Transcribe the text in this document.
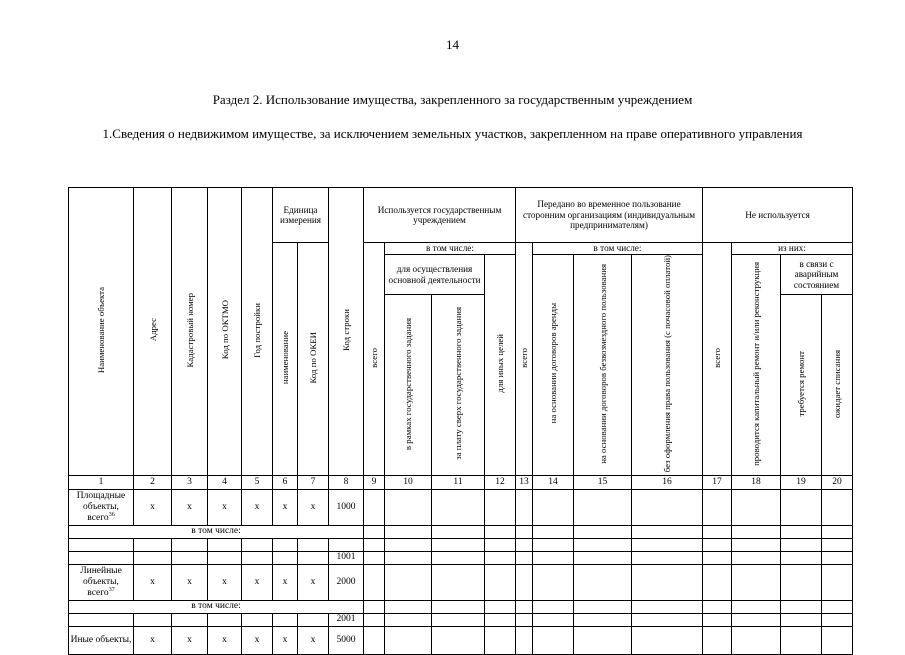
14
Раздел 2. Использование имущества, закрепленного за государственным учреждением
1.Сведения о недвижимом имуществе, за исключением земельных участков, закрепленном на праве оперативного управления
Наименование объекта	Адрес	Кадастровый номер	Код по ОКТМО	Год постройки	Единица измерения		Код строки	Используется государственным учреждением				Передано во временное пользование сторонним организациям (индивидуальным предпринимателям)				Не используется			
					наименование	Код по ОКЕИ		всего	в том числе:			всего	в том числе:			всего	из них:		
									для осуществления основной деятельности		для иных целей		на основании договоров аренды	на основании договоров безвозмездного пользования	без оформления права пользования (с почасовой оплатой)		проводится капитальный ремонт и/или реконструкция	в связи с аварийным состоянием	
									в рамках государственного задания	за плату сверх государственного задания								требуется ремонт	ожидает списания

1	2	3	4	5	6	7	8	9	10	11	12	13	14	15	16	17	18	19	20
Площадные объекты, всего$^{36}$	x	x	x	x	x	x	1000												
в том числе:																			

							1001												
Линейные объекты, всего$^{37}$	x	x	x	x	x	x	2000												
в том числе:																			
							2001												
Иные объекты,	x	x	x	x	x	x	5000												
